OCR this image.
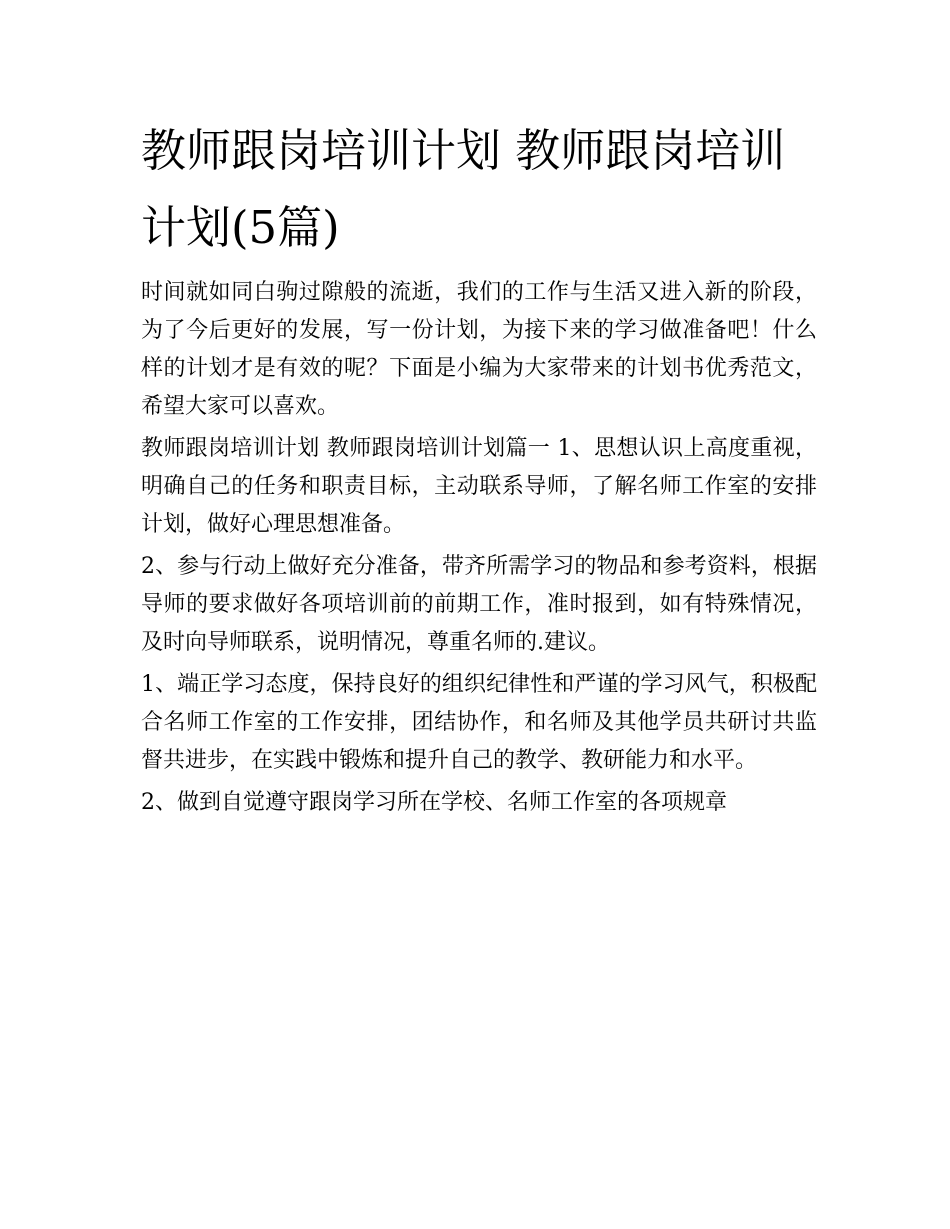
教师跟岗培训计划 教师跟岗培训计划(5篇)

时间就如同白驹过隙般的流逝，我们的工作与生活又进入新的阶段，为了今后更好的发展，写一份计划，为接下来的学习做准备吧！什么样的计划才是有效的呢？下面是小编为大家带来的计划书优秀范文，希望大家可以喜欢。

教师跟岗培训计划 教师跟岗培训计划篇一 1、思想认识上高度重视，明确自己的任务和职责目标，主动联系导师，了解名师工作室的安排计划，做好心理思想准备。

2、参与行动上做好充分准备，带齐所需学习的物品和参考资料，根据导师的要求做好各项培训前的前期工作，准时报到，如有特殊情况，及时向导师联系，说明情况，尊重名师的.建议。

1、端正学习态度，保持良好的组织纪律性和严谨的学习风气，积极配合名师工作室的工作安排，团结协作，和名师及其他学员共研讨共监督共进步，在实践中锻炼和提升自己的教学、教研能力和水平。

2、做到自觉遵守跟岗学习所在学校、名师工作室的各项规章
